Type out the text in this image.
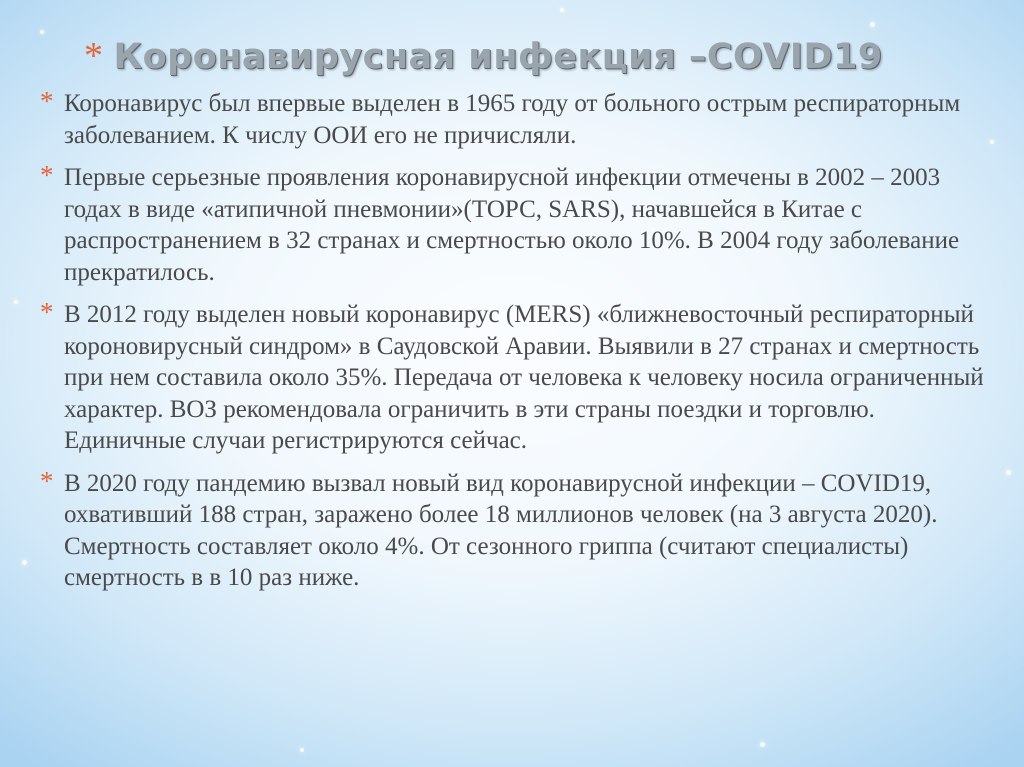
* Коронавирусная инфекция –COVID19
* Коронавирус был впервые выделен в 1965 году от больного острым респираторным заболеванием. К числу ООИ его не причисляли.
* Первые серьезные проявления коронавирусной инфекции отмечены в 2002 – 2003 годах в виде «атипичной пневмонии»(ТОРС, SARS), начавшейся в Китае с распространением в 32 странах и смертностью около 10%. В 2004 году заболевание прекратилось.
* В 2012 году выделен новый коронавирус (MERS) «ближневосточный респираторный короновирусный синдром» в Саудовской Аравии. Выявили в 27 странах и смертность при нем составила около 35%. Передача от человека к человеку носила ограниченный характер. ВОЗ рекомендовала ограничить в эти страны поездки и торговлю. Единичные случаи регистрируются сейчас.
* В 2020 году пандемию вызвал новый вид коронавирусной инфекции – COVID19, охвативший 188 стран, заражено более 18 миллионов человек (на 3 августа 2020). Смертность составляет около 4%. От сезонного гриппа (считают специалисты) смертность в в 10 раз ниже.
